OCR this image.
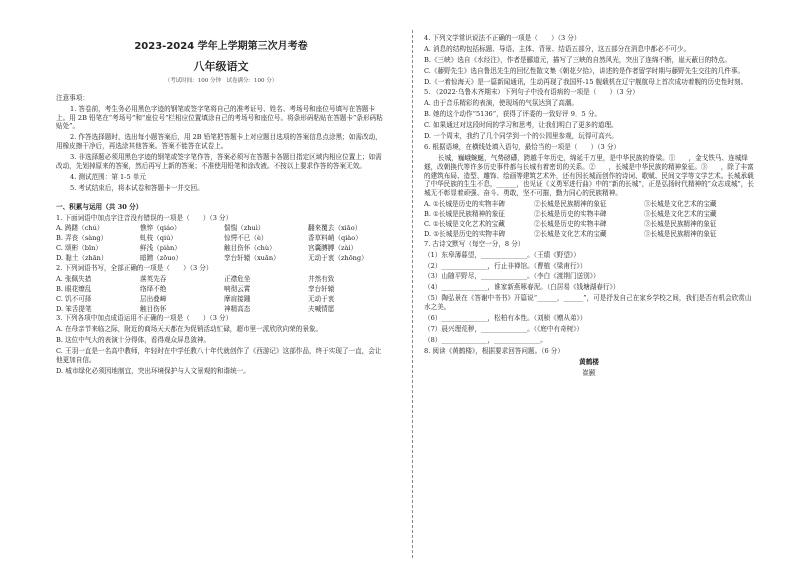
2023-2024 学年上学期第三次月考卷
八年级语文
（考试时间：100 分钟　试卷满分：100 分）

注意事项：

1. 答卷前，考生务必用黑色字迹的钢笔或签字笔将自己的准考证号、姓名、考场号和座位号填写在答题卡上。用 2B 铅笔在“考场号”和“座位号”栏相应位置填涂自己的考场号和座位号。将条形码粘贴在答题卡“条形码粘贴处”。

2. 作答选择题时，选出每小题答案后，用 2B 铅笔把答题卡上对应题目选项的答案信息点涂黑；如需改动，用橡皮擦干净后，再选涂其他答案。答案不能答在试卷上。

3. 非选择题必须用黑色字迹的钢笔或签字笔作答，答案必须写在答题卡各题目指定区域内相应位置上；如需改动，先划掉原来的答案，然后再写上新的答案；不准使用铅笔和涂改液。不按以上要求作答的答案无效。

4. 测试范围：第 1-5 单元

5. 考试结束后，将本试卷和答题卡一并交回。

一、积累与运用（共 30 分）

1. 下面词语中加点字注音没有错误的一项是（　　）（3 分）

A. 踌躇（chú）	憔悴（qiáo）	惴惴（zhuì）	翻来覆去（xiāo）
B. 弄丧（sàng）	虬枝（qiú）	惊愕不已（è）	香草料峭（qiào）
C. 颂彬（bīn）	鲜浅（piàn）	触目伤怀（chù）	宫囊膊膊（zài）
D. 黏土（zhān）	暗蹭（zōuo）	孪台轩辕（xuān）	无动于衷（zhōng）

2. 下列词语书写，全部正确的一项是（　　）（3 分）

A. 张佩失措	落英先吞	正襟危坐	井然有致
B. 眼花缭乱	络绎不绝	响彻云霄	孪台轩辕
C. 饥不可择	层出叠嶂	摩肩接踵	无动于衷
D. 笨舌提笔	触目伤怀	神精高态	夫喊情愿

3. 下列各项中加点成语运用不正确的一项是（　　）（3 分）

A. 在母亲节来临之际，附近的商场天天都在为促销活动忙碌，超市里一派欣欣向荣的景象。

B. 这位中气大的表演十分得体，看得观众屏息敛神。

C. 王羽一直是一名高中教师，年轻时在中学任教八十年代就创作了《西游记》这部作品，终于实现了一直，会让他更加自信。

D. 城市绿化必须因地制宜，突出环境保护与人文景观的和谐统一。

4. 下列文学常识说法不正确的一项是（　　）（3 分）

A. 消息的结构包括标题、导语、主体、背景、结语五部分，这五部分在消息中都必不可少。

B.《三峡》选自《水经注》，作者是郦道元，描写了三峡的自然风光，突出了连绵不断，崖天蔽日的特点。

C.《藤野先生》选自鲁迅先生的回忆性散文集《朝花夕拾》，讲述的是作者留学时期与藤野先生交往的几件事。

D.《一着惊海天》是一篇新闻通讯，生动再现了我国歼-15 舰载机在辽宁舰航母上首次成功着舰的历史性时刻。

5. （2022·乌鲁木齐期末）下列句子中没有语病的一项是（　　）（3 分）

A. 由于音乐精彩的表演，使现场的气氛达到了高潮。

B. 她的这个动作“5136”，获得了评委的一致好评 9．5 分。

C. 如果通过对这段时间的学习和思考，让我们明白了更多的道理。

D. 一个周末，我约了几个同学到一个的公园里参观，玩得可高兴。

6. 根据语境，在横线处填入语句，最恰当的一项是（　　）（3 分）

长城，巍峨蜿蜒，气势磅礴，跨越千年历史，绵延千万里，是中华民族的脊梁。①　　，金戈铁马、连城烽燧，改朝换代等许多历史事件都与长城有着密切的关系。②　　，长城是中华民族的精神象征。③　　，除了丰富的建筑布局、造型、雕饰、绘画等建筑艺术外，还有因长城而创作的诗词、歌赋、民间文学等文学艺术。长城承载了中华民族的生生不息，______，也见证《义勇军进行曲》中的“新的长城”，正是弘扬时代精神的“众志成城”，长城无不彰显着顽强、奋斗、勇敢，坚不可摧，勤力同心的民族精神。

A. ①长城是历史的实物丰碑	②长城是民族精神的象征	③长城是文化艺术的宝藏
B. ①长城是民族精神的象征	②长城是历史的实物丰碑	③长城是文化艺术的宝藏
C. ①长城是文化艺术的宝藏	②长城是历史的实物丰碑	③长城是民族精神的象征
D. ①长城是历史的实物丰碑	②长城是文化艺术的宝藏	③长城是民族精神的象征

7. 古诗文默写（每空一分，8 分）

（1）东皋薄暮望，______________。（王绩《野望》）

（2）______________，行止非禅馆。（曹植《梁甫行》）

（3）山随平野尽，______________。（李白《渡荆门送别》）

（4）______________，谁家新燕啄春泥。（白居易《钱塘湖春行》）

（5）陶弘景在《答谢中书书》开篇说“______，______”，可是抒发自己在家乡学校之间，我们是否有机会欣赏山水之美。

（6）______________，松柏有本性。（刘桢《赠从弟》）

（7）晨兴理荒秽，______________。（《庭中有奇树》）

（8）______________，______________。

8. 阅读《黄鹤楼》，根据要求回答问题。（6 分）

黄鹤楼

崔颢
